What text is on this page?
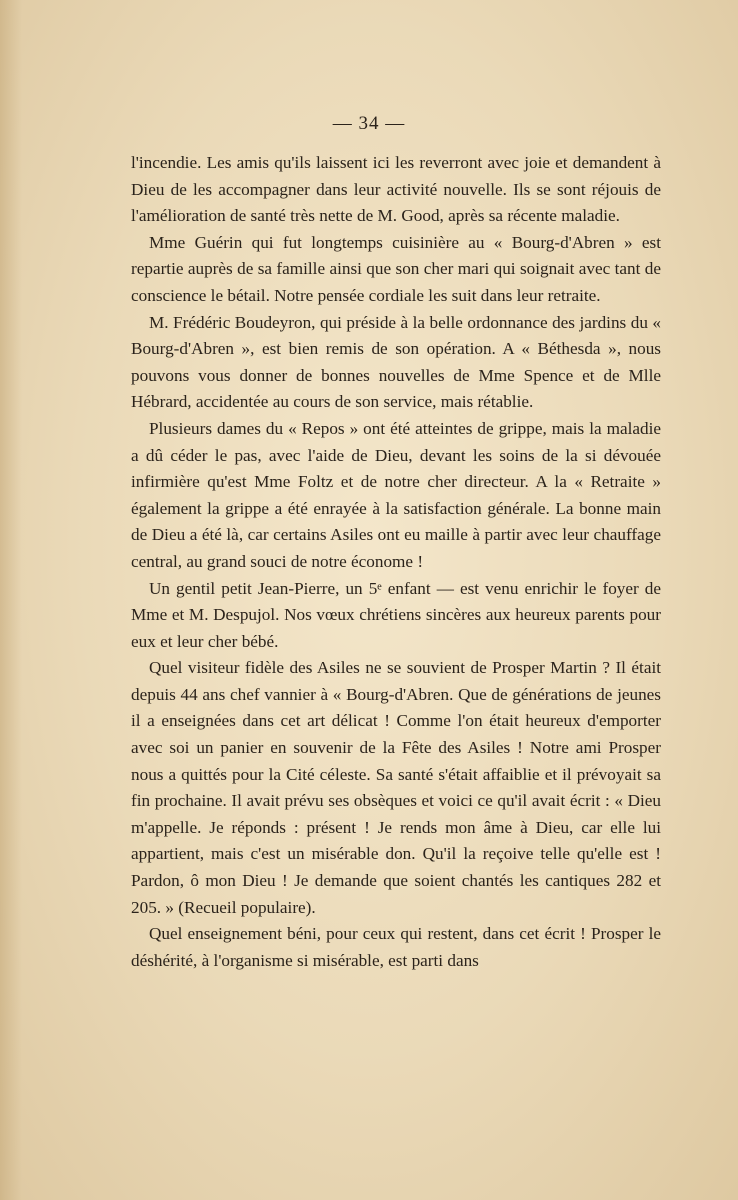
— 34 —

l'incendie. Les amis qu'ils laissent ici les reverront avec joie et demandent à Dieu de les accompagner dans leur activité nouvelle. Ils se sont réjouis de l'amélioration de santé très nette de M. Good, après sa récente maladie.

Mme Guérin qui fut longtemps cuisinière au « Bourg-d'Abren » est repartie auprès de sa famille ainsi que son cher mari qui soignait avec tant de conscience le bétail. Notre pensée cordiale les suit dans leur retraite.

M. Frédéric Boudeyron, qui préside à la belle ordonnance des jardins du « Bourg-d'Abren », est bien remis de son opération. A « Béthesda », nous pouvons vous donner de bonnes nouvelles de Mme Spence et de Mlle Hébrard, accidentée au cours de son service, mais rétablie.

Plusieurs dames du « Repos » ont été atteintes de grippe, mais la maladie a dû céder le pas, avec l'aide de Dieu, devant les soins de la si dévouée infirmière qu'est Mme Foltz et de notre cher directeur. A la « Retraite » également la grippe a été enrayée à la satisfaction générale. La bonne main de Dieu a été là, car certains Asiles ont eu maille à partir avec leur chauffage central, au grand souci de notre économe !

Un gentil petit Jean-Pierre, un 5ᵉ enfant — est venu enrichir le foyer de Mme et M. Despujol. Nos vœux chrétiens sincères aux heureux parents pour eux et leur cher bébé.

Quel visiteur fidèle des Asiles ne se souvient de Prosper Martin ? Il était depuis 44 ans chef vannier à « Bourg-d'Abren. Que de générations de jeunes il a enseignées dans cet art délicat ! Comme l'on était heureux d'emporter avec soi un panier en souvenir de la Fête des Asiles ! Notre ami Prosper nous a quittés pour la Cité céleste. Sa santé s'était affaiblie et il prévoyait sa fin prochaine. Il avait prévu ses obsèques et voici ce qu'il avait écrit : « Dieu m'appelle. Je réponds : présent ! Je rends mon âme à Dieu, car elle lui appartient, mais c'est un misérable don. Qu'il la reçoive telle qu'elle est ! Pardon, ô mon Dieu ! Je demande que soient chantés les cantiques 282 et 205. » (Recueil populaire).

Quel enseignement béni, pour ceux qui restent, dans cet écrit ! Prosper le déshérité, à l'organisme si misérable, est parti dans
